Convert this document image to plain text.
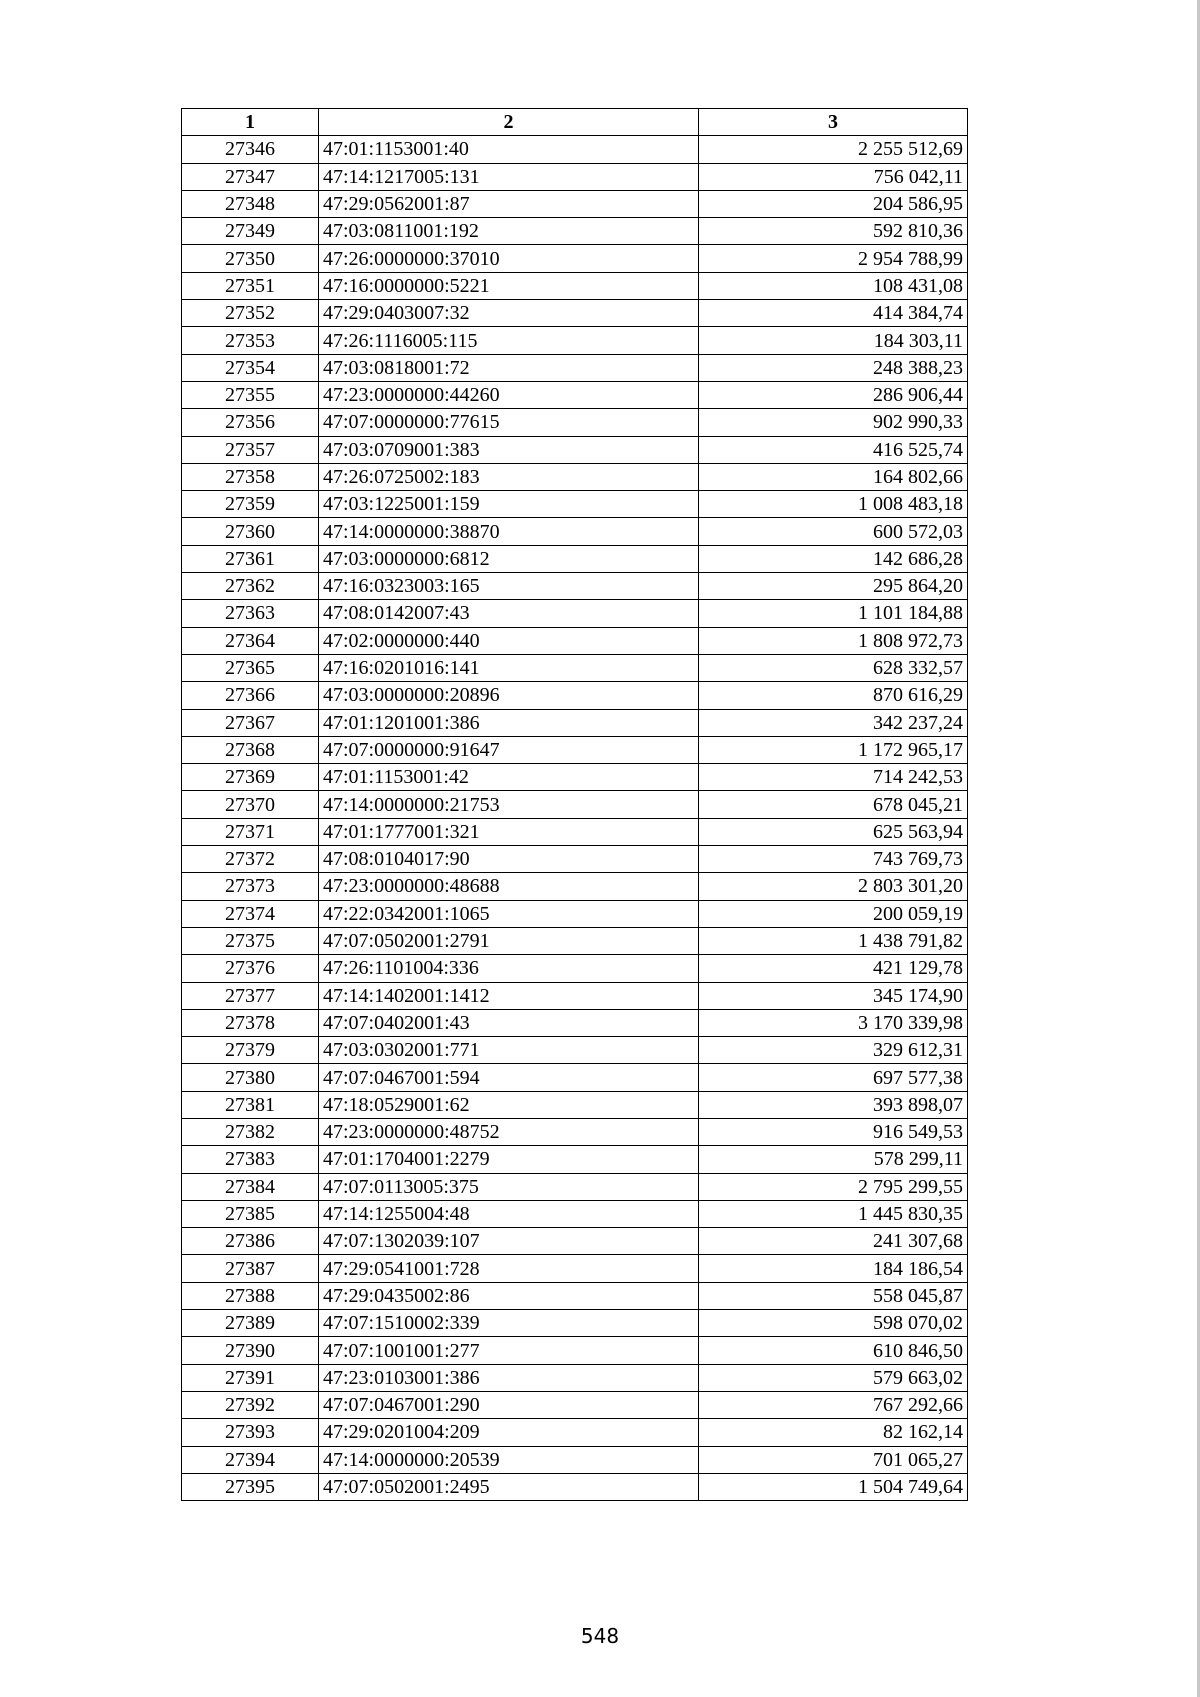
1	2	3
27346	47:01:1153001:40	2 255 512,69
27347	47:14:1217005:131	756 042,11
27348	47:29:0562001:87	204 586,95
27349	47:03:0811001:192	592 810,36
27350	47:26:0000000:37010	2 954 788,99
27351	47:16:0000000:5221	108 431,08
27352	47:29:0403007:32	414 384,74
27353	47:26:1116005:115	184 303,11
27354	47:03:0818001:72	248 388,23
27355	47:23:0000000:44260	286 906,44
27356	47:07:0000000:77615	902 990,33
27357	47:03:0709001:383	416 525,74
27358	47:26:0725002:183	164 802,66
27359	47:03:1225001:159	1 008 483,18
27360	47:14:0000000:38870	600 572,03
27361	47:03:0000000:6812	142 686,28
27362	47:16:0323003:165	295 864,20
27363	47:08:0142007:43	1 101 184,88
27364	47:02:0000000:440	1 808 972,73
27365	47:16:0201016:141	628 332,57
27366	47:03:0000000:20896	870 616,29
27367	47:01:1201001:386	342 237,24
27368	47:07:0000000:91647	1 172 965,17
27369	47:01:1153001:42	714 242,53
27370	47:14:0000000:21753	678 045,21
27371	47:01:1777001:321	625 563,94
27372	47:08:0104017:90	743 769,73
27373	47:23:0000000:48688	2 803 301,20
27374	47:22:0342001:1065	200 059,19
27375	47:07:0502001:2791	1 438 791,82
27376	47:26:1101004:336	421 129,78
27377	47:14:1402001:1412	345 174,90
27378	47:07:0402001:43	3 170 339,98
27379	47:03:0302001:771	329 612,31
27380	47:07:0467001:594	697 577,38
27381	47:18:0529001:62	393 898,07
27382	47:23:0000000:48752	916 549,53
27383	47:01:1704001:2279	578 299,11
27384	47:07:0113005:375	2 795 299,55
27385	47:14:1255004:48	1 445 830,35
27386	47:07:1302039:107	241 307,68
27387	47:29:0541001:728	184 186,54
27388	47:29:0435002:86	558 045,87
27389	47:07:1510002:339	598 070,02
27390	47:07:1001001:277	610 846,50
27391	47:23:0103001:386	579 663,02
27392	47:07:0467001:290	767 292,66
27393	47:29:0201004:209	82 162,14
27394	47:14:0000000:20539	701 065,27
27395	47:07:0502001:2495	1 504 749,64
548
